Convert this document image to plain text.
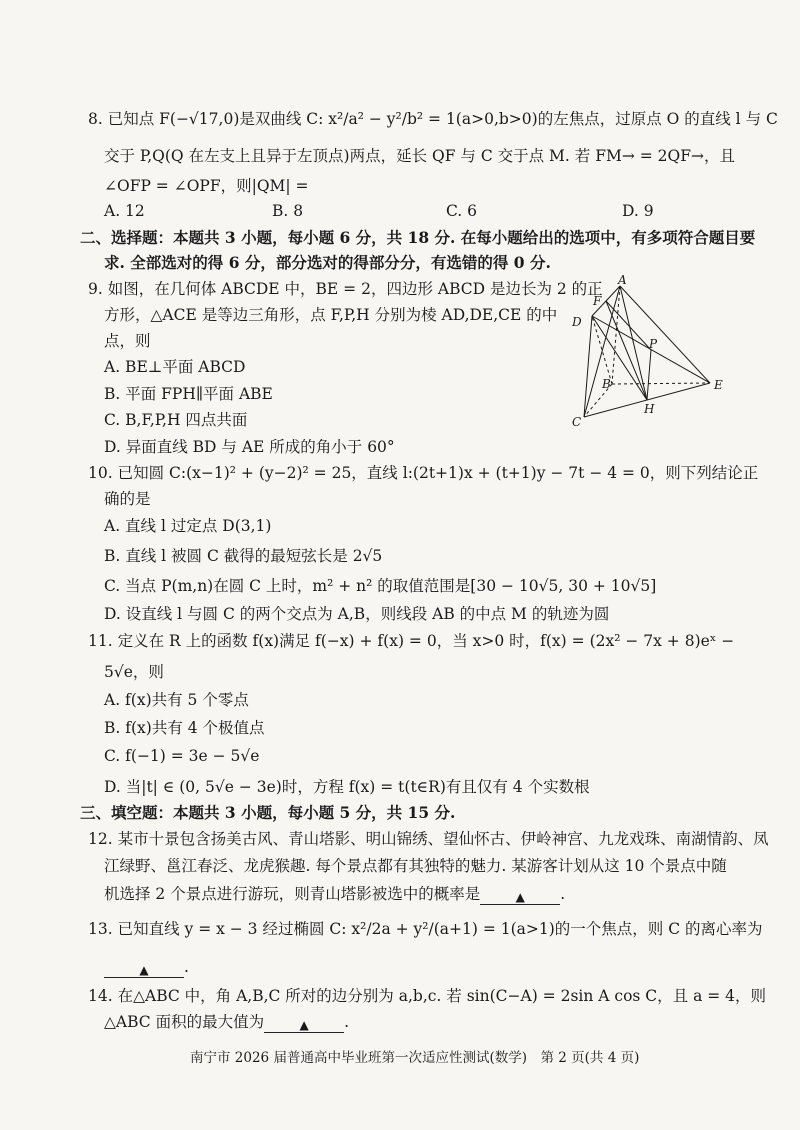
8. 已知点 F(−√17,0)是双曲线 C: x²/a² − y²/b² = 1(a>0,b>0)的左焦点，过原点 O 的直线 l 与 C
交于 P,Q(Q 在左支上且异于左顶点)两点，延长 QF 与 C 交于点 M. 若 FM→ = 2QF→，且
∠OFP = ∠OPF，则|QM| =
A. 12	B. 8	C. 6	D. 9
二、选择题：本题共 3 小题，每小题 6 分，共 18 分. 在每小题给出的选项中，有多项符合题目要
求. 全部选对的得 6 分，部分选对的得部分分，有选错的得 0 分.
9. 如图，在几何体 ABCDE 中，BE = 2，四边形 ABCD 是边长为 2 的正
方形，△ACE 是等边三角形，点 F,P,H 分别为棱 AD,DE,CE 的中
点，则
A. BE⊥平面 ABCD
B. 平面 FPH∥平面 ABE
C. B,F,P,H 四点共面
D. 异面直线 BD 与 AE 所成的角小于 60°
A
F
D
P
B	E
H
C
10. 已知圆 C:(x−1)² + (y−2)² = 25，直线 l:(2t+1)x + (t+1)y − 7t − 4 = 0，则下列结论正
确的是
A. 直线 l 过定点 D(3,1)
B. 直线 l 被圆 C 截得的最短弦长是 2√5
C. 当点 P(m,n)在圆 C 上时，m² + n² 的取值范围是[30 − 10√5, 30 + 10√5]
D. 设直线 l 与圆 C 的两个交点为 A,B，则线段 AB 的中点 M 的轨迹为圆
11. 定义在 R 上的函数 f(x)满足 f(−x) + f(x) = 0，当 x>0 时，f(x) = (2x² − 7x + 8)eˣ −
5√e，则
A. f(x)共有 5 个零点
B. f(x)共有 4 个极值点
C. f(−1) = 3e − 5√e
D. 当|t| ∈ (0, 5√e − 3e)时，方程 f(x) = t(t∈R)有且仅有 4 个实数根
三、填空题：本题共 3 小题，每小题 5 分，共 15 分.
12. 某市十景包含扬美古风、青山塔影、明山锦绣、望仙怀古、伊岭神宫、九龙戏珠、南湖情韵、凤
江绿野、邕江春泛、龙虎猴趣. 每个景点都有其独特的魅力. 某游客计划从这 10 个景点中随
机选择 2 个景点进行游玩，则青山塔影被选中的概率是	▲ .
13. 已知直线 y = x − 3 经过椭圆 C: x²/2a + y²/(a+1) = 1(a>1)的一个焦点，则 C 的离心率为
▲ .
14. 在△ABC 中，角 A,B,C 所对的边分别为 a,b,c. 若 sin(C−A) = 2sin A cos C，且 a = 4，则
△ABC 面积的最大值为	▲ .
南宁市 2026 届普通高中毕业班第一次适应性测试(数学)　第 2 页(共 4 页)
